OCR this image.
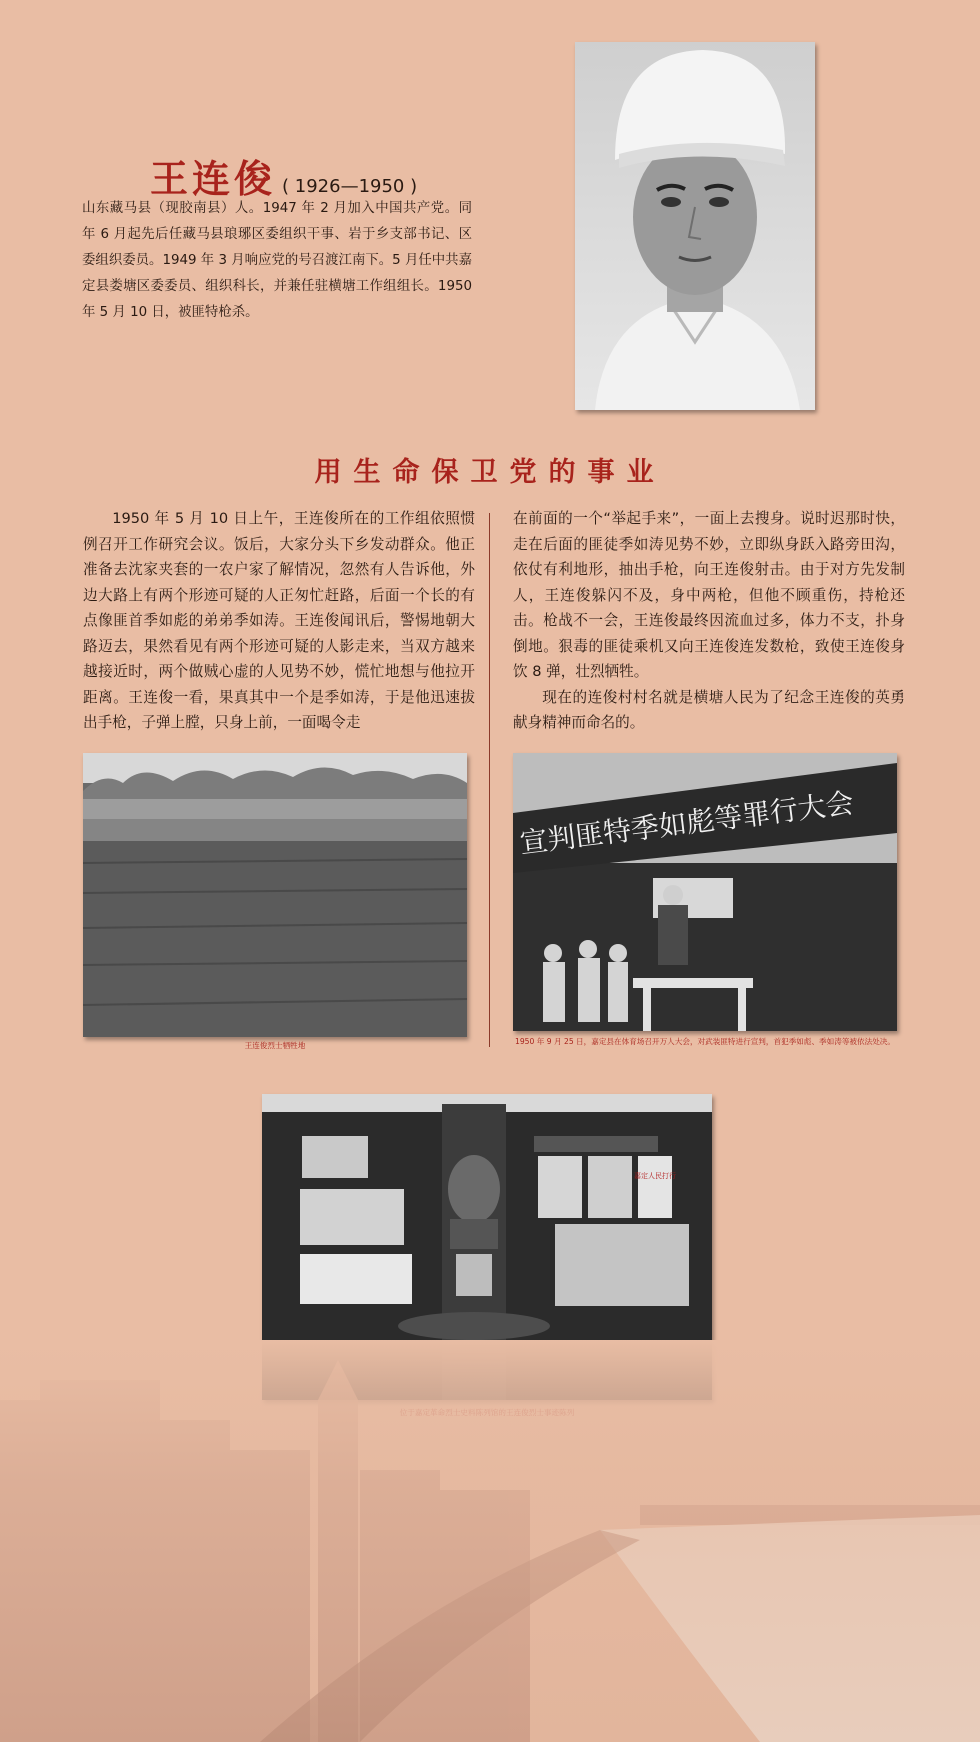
王连俊 ( 1926—1950 )
山东藏马县（现胶南县）人。1947 年 2 月加入中国共产党。同年 6 月起先后任藏马县琅琊区委组织干事、岩于乡支部书记、区委组织委员。1949 年 3 月响应党的号召渡江南下。5 月任中共嘉定县娄塘区委委员、组织科长，并兼任驻横塘工作组组长。1950 年 5 月 10 日，被匪特枪杀。
用生命保卫党的事业

1950 年 5 月 10 日上午，王连俊所在的工作组依照惯例召开工作研究会议。饭后，大家分头下乡发动群众。他正准备去沈家夹套的一农户家了解情况，忽然有人告诉他，外边大路上有两个形迹可疑的人正匆忙赶路，后面一个长的有点像匪首季如彪的弟弟季如涛。王连俊闻讯后，警惕地朝大路迈去，果然看见有两个形迹可疑的人影走来，当双方越来越接近时，两个做贼心虚的人见势不妙，慌忙地想与他拉开距离。王连俊一看，果真其中一个是季如涛，于是他迅速拔出手枪，子弹上膛，只身上前，一面喝令走

在前面的一个“举起手来”，一面上去搜身。说时迟那时快，走在后面的匪徒季如涛见势不妙，立即纵身跃入路旁田沟，依仗有利地形，抽出手枪，向王连俊射击。由于对方先发制人，王连俊躲闪不及，身中两枪，但他不顾重伤，持枪还击。枪战不一会，王连俊最终因流血过多，体力不支，扑身倒地。狠毒的匪徒乘机又向王连俊连发数枪，致使王连俊身饮 8 弹，壮烈牺牲。

现在的连俊村村名就是横塘人民为了纪念王连俊的英勇献身精神而命名的。

王连俊烈士牺牲地
宣判匪特季如彪等罪行大会
1950 年 9 月 25 日，嘉定县在体育场召开万人大会，对武装匪特进行宣判，首犯季如彪、季如涛等被依法处决。
嘉定人民打行
